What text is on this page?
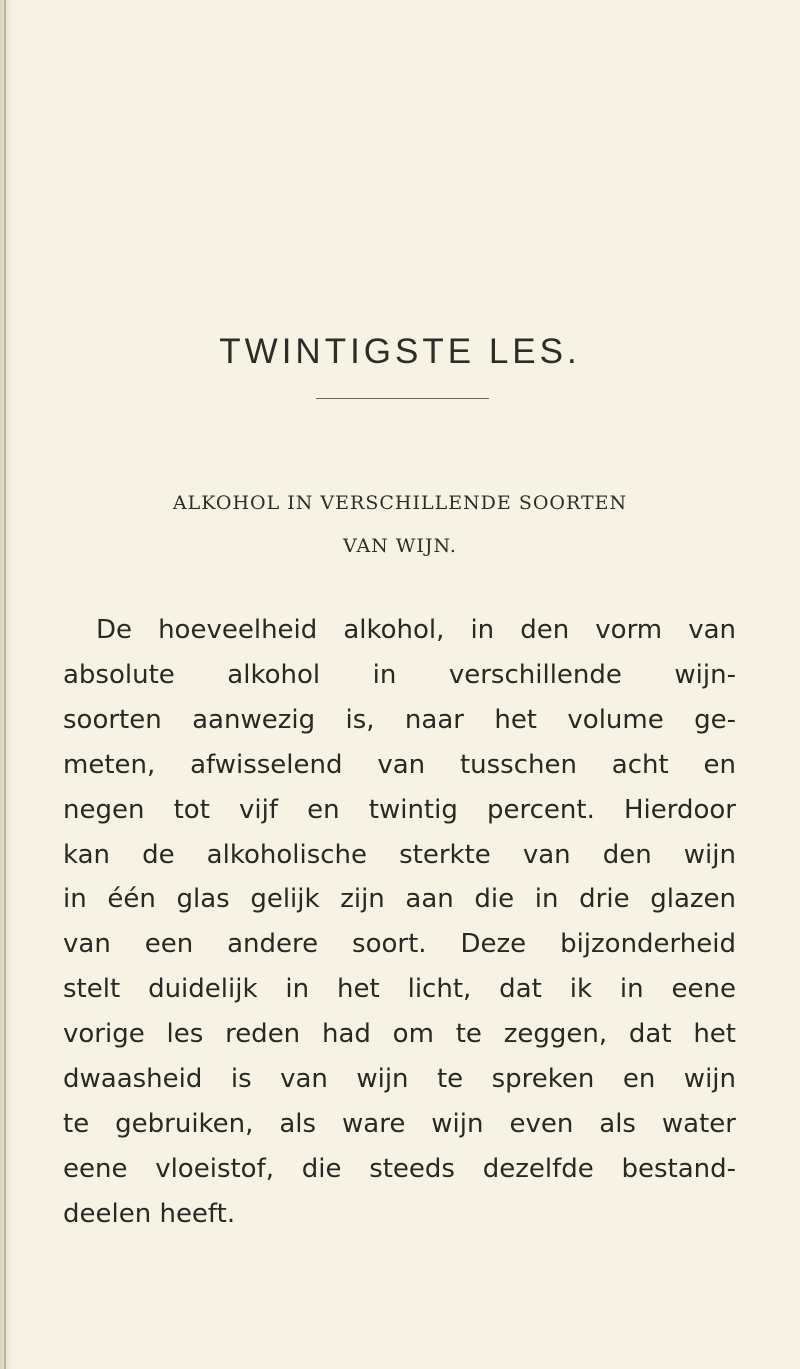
TWINTIGSTE LES.
ALKOHOL IN VERSCHILLENDE SOORTEN
VAN WIJN.
De hoeveelheid alkohol, in den vorm van
absolute alkohol in verschillende wijn-
soorten aanwezig is, naar het volume ge-
meten, afwisselend van tusschen acht en
negen tot vijf en twintig percent. Hierdoor
kan de alkoholische sterkte van den wijn
in één glas gelijk zijn aan die in drie glazen
van een andere soort. Deze bijzonderheid
stelt duidelijk in het licht, dat ik in eene
vorige les reden had om te zeggen, dat het
dwaasheid is van wijn te spreken en wijn
te gebruiken, als ware wijn even als water
eene vloeistof, die steeds dezelfde bestand-
deelen heeft.
